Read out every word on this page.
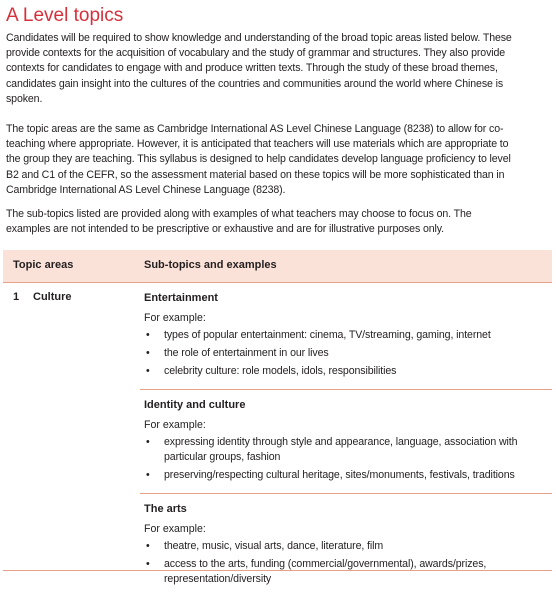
A Level topics

Candidates will be required to show knowledge and understanding of the broad topic areas listed below. These
provide contexts for the acquisition of vocabulary and the study of grammar and structures. They also provide
contexts for candidates to engage with and produce written texts. Through the study of these broad themes,
candidates gain insight into the cultures of the countries and communities around the world where Chinese is
spoken.

The topic areas are the same as Cambridge International AS Level Chinese Language (8238) to allow for co-
teaching where appropriate. However, it is anticipated that teachers will use materials which are appropriate to
the group they are teaching. This syllabus is designed to help candidates develop language proficiency to level
B2 and C1 of the CEFR, so the assessment material based on these topics will be more sophisticated than in
Cambridge International AS Level Chinese Language (8238).

The sub-topics listed are provided along with examples of what teachers may choose to focus on. The
examples are not intended to be prescriptive or exhaustive and are for illustrative purposes only.

Topic areas	Sub-topics and examples
1 Culture	Entertainment
For example:
• types of popular entertainment: cinema, TV/streaming, gaming, internet
• the role of entertainment in our lives
• celebrity culture: role models, idols, responsibilities
Identity and culture
For example:
• expressing identity through style and appearance, language, association with
particular groups, fashion
• preserving/respecting cultural heritage, sites/monuments, festivals, traditions
The arts
For example:
• theatre, music, visual arts, dance, literature, film
• access to the arts, funding (commercial/governmental), awards/prizes,
representation/diversity
